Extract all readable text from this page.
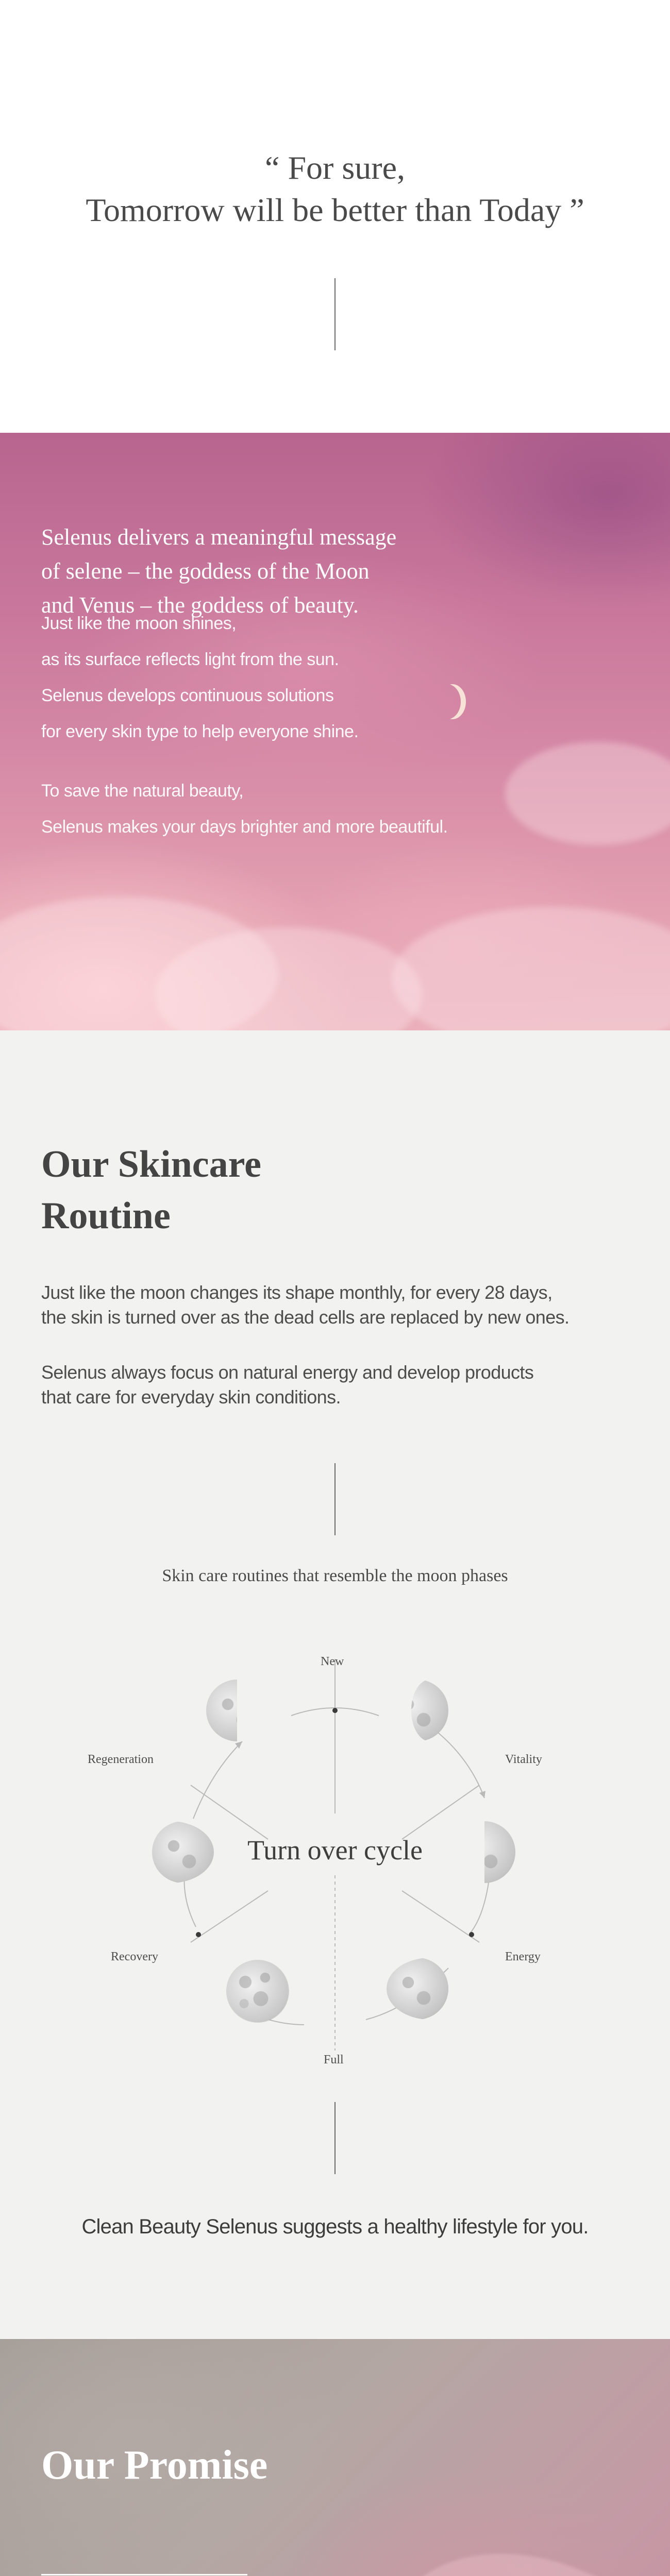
“ For sure,
Tomorrow will be better than Today ”
Selenus delivers a meaningful message
of selene – the goddess of the Moon
and Venus – the goddess of beauty.
Just like the moon shines,
as its surface reflects light from the sun.
Selenus develops continuous solutions
for every skin type to help everyone shine.
To save the natural beauty,
Selenus makes your days brighter and more beautiful.
Our Skincare
Routine
Just like the moon changes its shape monthly, for every 28 days,
the skin is turned over as the dead cells are replaced by new ones.
Selenus always focus on natural energy and develop products
that care for everyday skin conditions.
Skin care routines that resemble the moon phases
New
Vitality
Energy
Full
Recovery
Regeneration
Turn over cycle
Clean Beauty Selenus suggests a healthy lifestyle for you.
Our Promise
